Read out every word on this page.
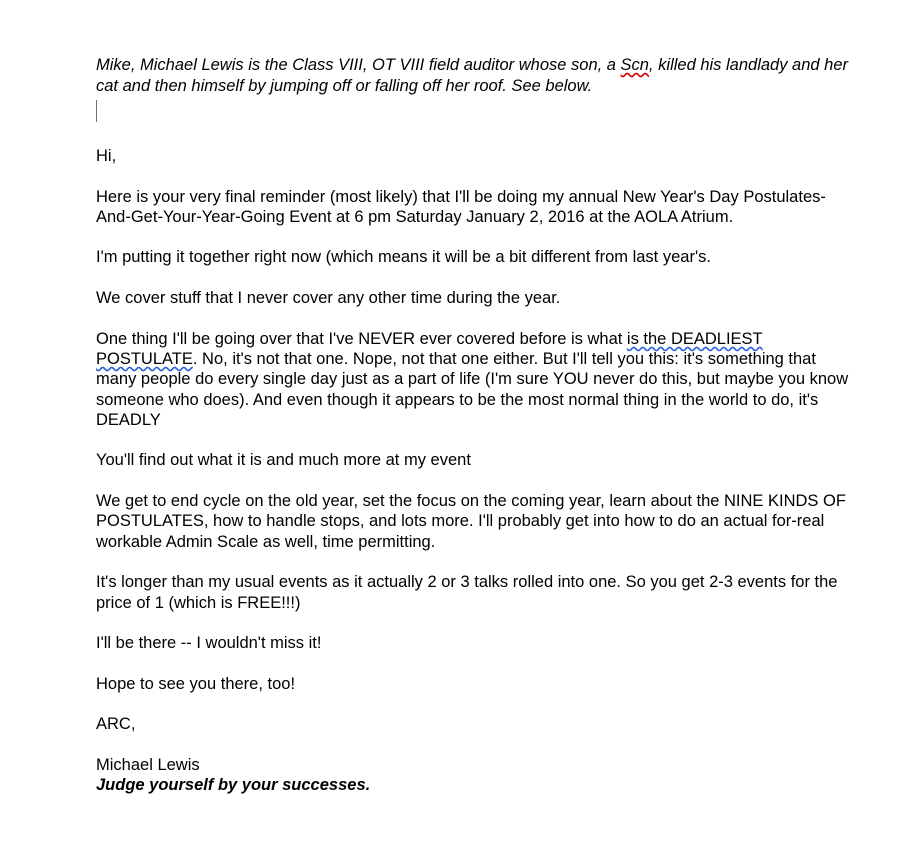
Mike, Michael Lewis is the Class VIII, OT VIII field auditor whose son, a Scn, killed his landlady and her cat and then himself by jumping off or falling off her roof. See below.

Hi,

Here is your very final reminder (most likely) that I'll be doing my annual New Year's Day Postulates-And-Get-Your-Year-Going Event at 6 pm Saturday January 2, 2016 at the AOLA Atrium.

I'm putting it together right now (which means it will be a bit different from last year's.

We cover stuff that I never cover any other time during the year.

One thing I'll be going over that I've NEVER ever covered before is what is the DEADLIEST POSTULATE. No, it's not that one. Nope, not that one either. But I'll tell you this: it's something that many people do every single day just as a part of life (I'm sure YOU never do this, but maybe you know someone who does). And even though it appears to be the most normal thing in the world to do, it's DEADLY

You'll find out what it is and much more at my event

We get to end cycle on the old year, set the focus on the coming year, learn about the NINE KINDS OF POSTULATES, how to handle stops, and lots more. I'll probably get into how to do an actual for-real workable Admin Scale as well, time permitting.

It's longer than my usual events as it actually 2 or 3 talks rolled into one. So you get 2-3 events for the price of 1 (which is FREE!!!)

I'll be there -- I wouldn't miss it!

Hope to see you there, too!

ARC,

Michael Lewis
Judge yourself by your successes.
